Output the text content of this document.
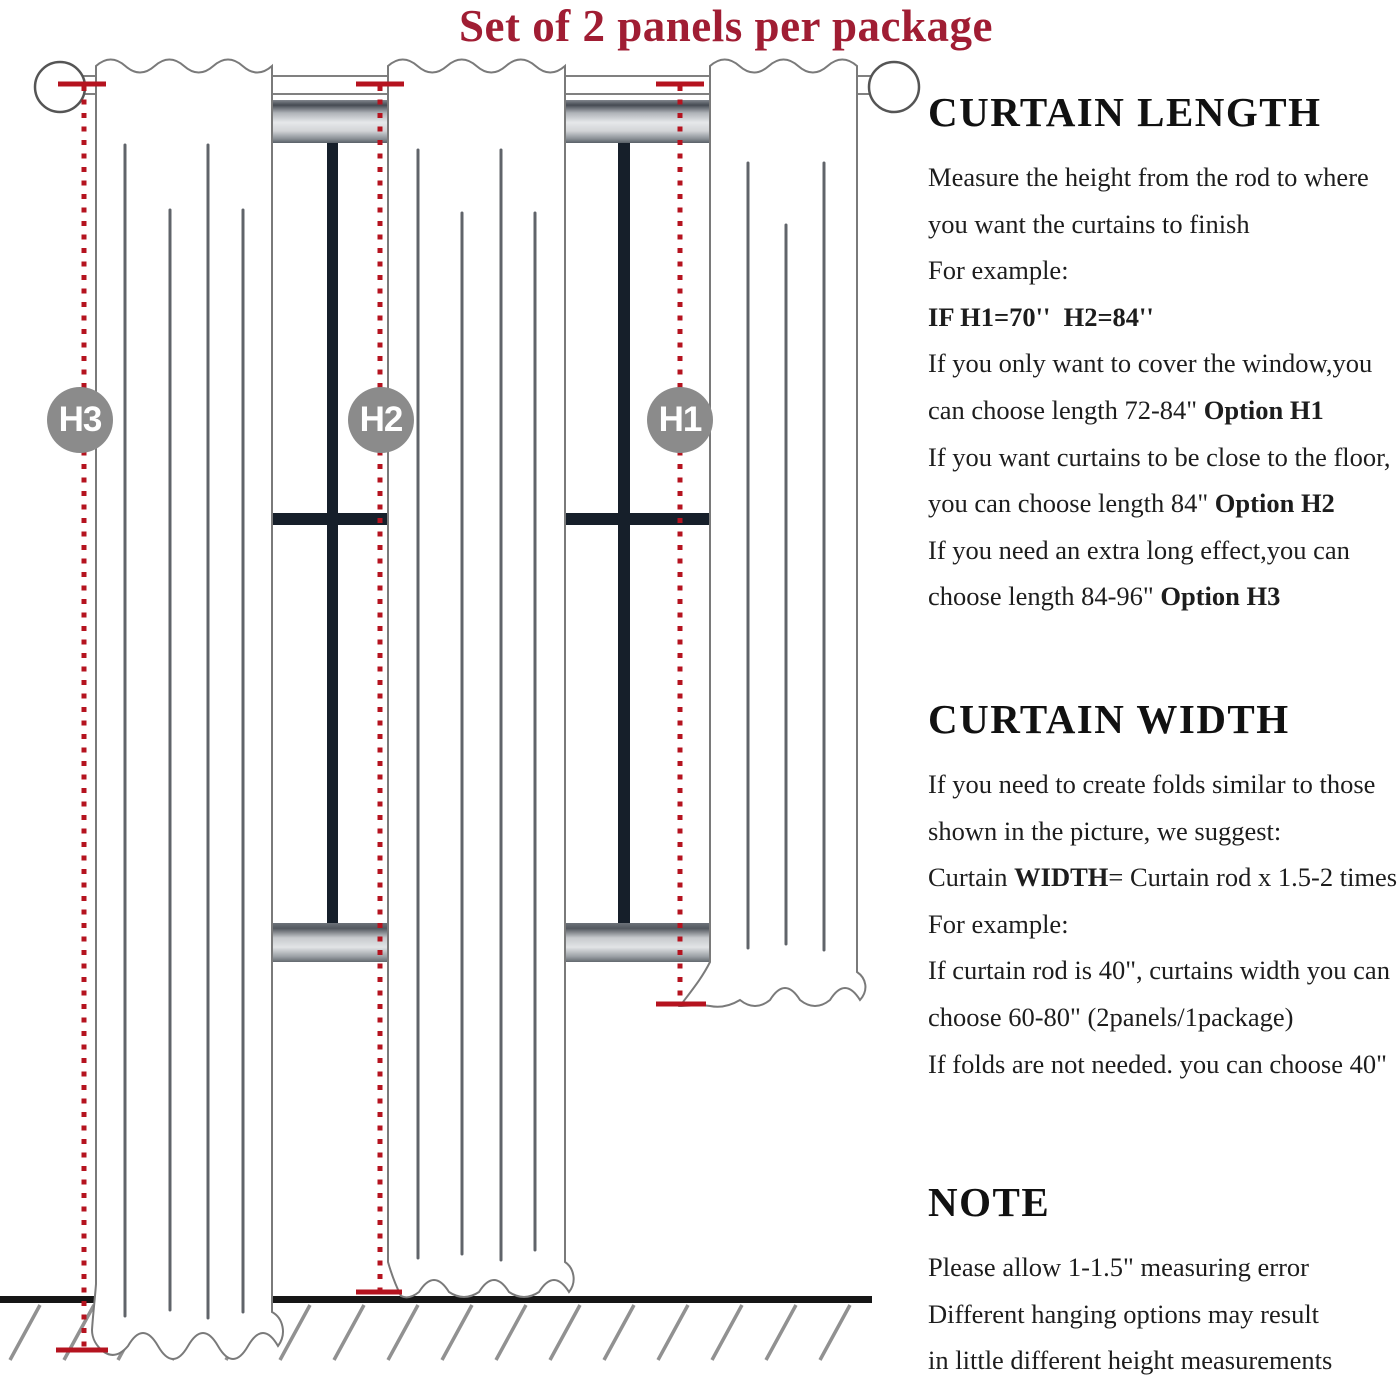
Set of 2 panels per package
H3	H2	H1
CURTAIN LENGTH

Measure the height from the rod to where

you want the curtains to finish

For example:

IF H1=70''  H2=84''

If you only want to cover the window,you

can choose length 72-84" Option H1

If you want curtains to be close to the floor,

you can choose length 84" Option H2

If you need an extra long effect,you can

choose length 84-96" Option H3

CURTAIN WIDTH

If you need to create folds similar to those

shown in the picture, we suggest:

Curtain WIDTH= Curtain rod x 1.5-2 times

For example:

If curtain rod is 40", curtains width you can

choose 60-80" (2panels/1package)

If folds are not needed. you can choose 40"

NOTE

Please allow 1-1.5" measuring error

Different hanging options may result

in little different height measurements
